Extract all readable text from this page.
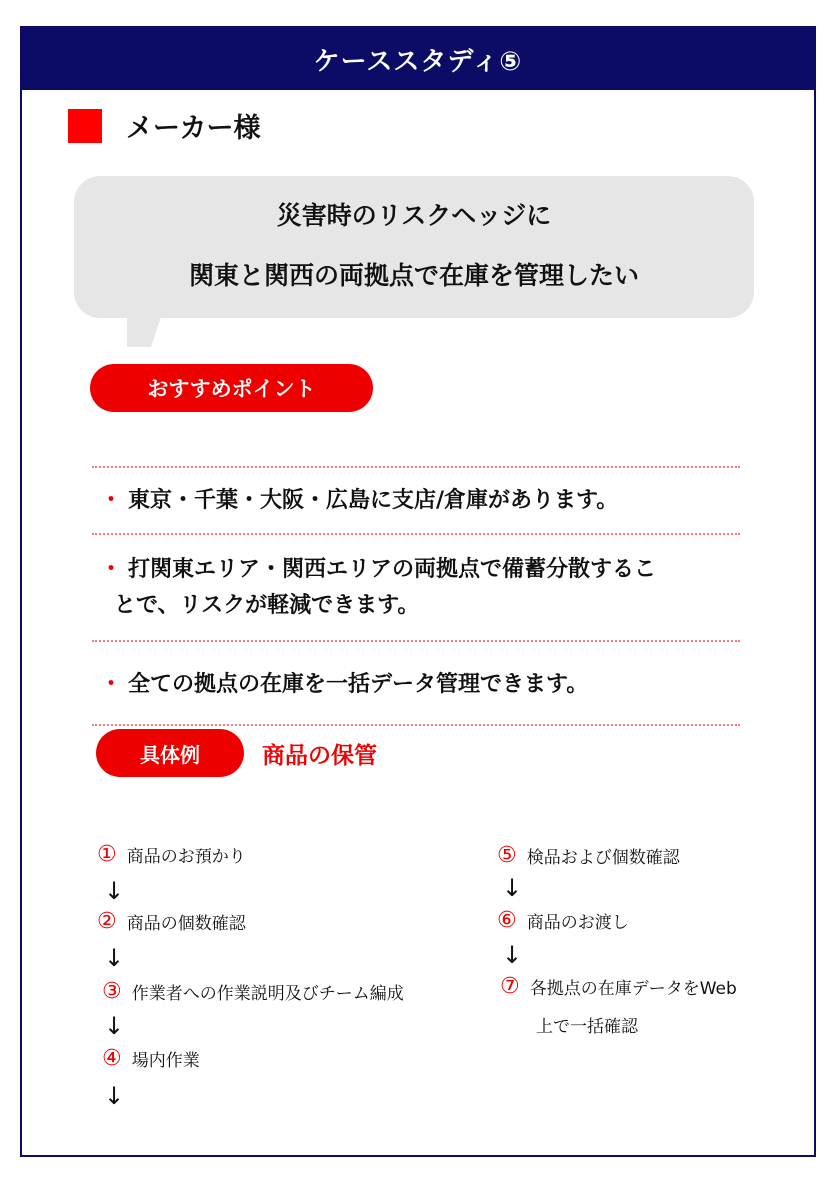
ケーススタディ⑤
メーカー様
災害時のリスクヘッジに
関東と関西の両拠点で在庫を管理したい
おすすめポイント
・ 東京・千葉・大阪・広島に支店/倉庫があります。
・ 打関東エリア・関西エリアの両拠点で備蓄分散するこ
とで、リスクが軽減できます。
・ 全ての拠点の在庫を一括データ管理できます。
具体例	商品の保管
① 商品のお預かり
↓
② 商品の個数確認
↓
③ 作業者への作業説明及びチーム編成
↓
④ 場内作業
↓
⑤ 検品および個数確認
↓
⑥ 商品のお渡し
↓
⑦ 各拠点の在庫データをWeb
上で一括確認
